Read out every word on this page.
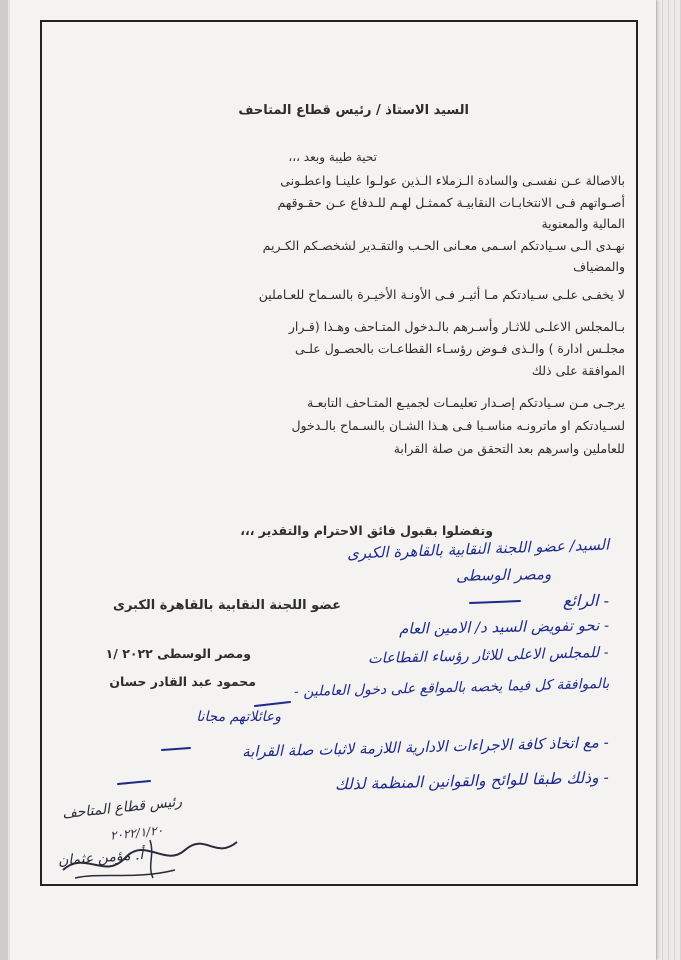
السيد الاستاذ / رئيس قطاع المتاحف
تحية طيبة وبعد ،،،
بالاصالة عـن نفسـى والسادة الـزملاء الـذين عولـوا علينـا واعطـونى
أصـواتهم فـى الانتخابـات النقابيـة كممثـل لهـم للـدفاع عـن حقـوقهم
المالية والمعنوية
نهـدى الـى سـيادتكم اسـمى معـانى الحـب والتقـدير لشخصـكم الكـريم
والمضياف
لا يخفـى علـى سـيادتكم مـا أثيـر فـى الأونـة الأخيـرة بالسـماح للعـاملين
بـالمجلس الاعلـى للاثـار وأسـرهم بالـدخول المتـاحف وهـذا (قـرار
مجلـس ادارة ) والـذى فـوض رؤسـاء القطاعـات بالحصـول علـى
الموافقة على ذلك
يرجـى مـن سـيادتكم إصـدار تعليمـات لجميـع المتـاحف التابعـة
لسـيادتكم او ماترونـه مناسـبا فـى هـذا الشـان بالسـماح بالـدخول
للعاملين واسرهم بعد التحقق من صلة القرابة
وتفضلوا بقبول فائق الاحترام والتقدير ،،،
عضو اللجنة النقابية بالقاهرة الكبرى
ومصر الوسطى ٢٠٢٢ /١
محمود عبد القادر حسان
السيد/ عضو اللجنة النقابية بالقاهرة الكبرى
ومصر الوسطى
- الرائع
- نحو تفويض السيد د/ الامين العام
- للمجلس الاعلى للاثار رؤساء القطاعات
بالموافقة كل فيما يخصه بالمواقع على دخول العاملين -
وعائلاتهم مجانا
- مع اتخاذ كافة الاجراءات الادارية اللازمة لاثبات صلة القرابة
- وذلك طبقا للوائح والقوانين المنظمة لذلك
رئيس قطاع المتاحف
٢٠٢٢/١/٢٠
أ. مؤمن عثمان
